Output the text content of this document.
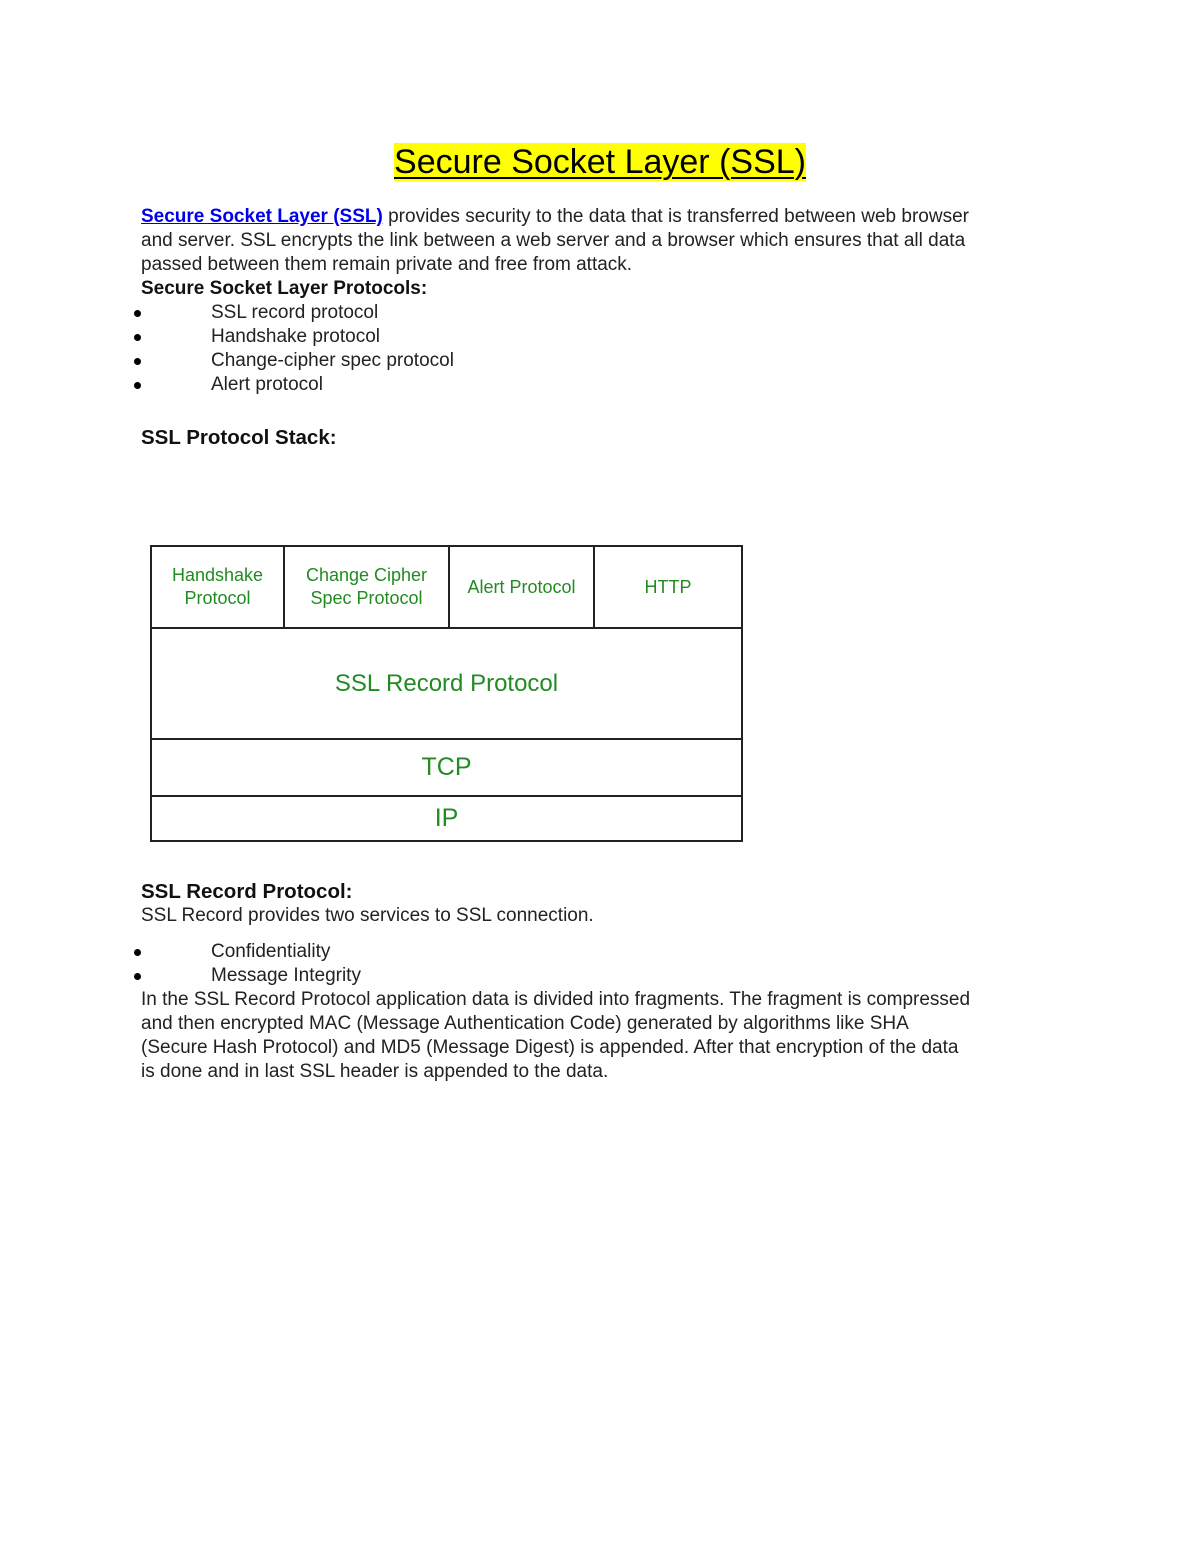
Secure Socket Layer (SSL)
Secure Socket Layer (SSL) provides security to the data that is transferred between web browser
and server. SSL encrypts the link between a web server and a browser which ensures that all data
passed between them remain private and free from attack.
Secure Socket Layer Protocols:
SSL record protocol
Handshake protocol
Change-cipher spec protocol
Alert protocol
SSL Protocol Stack:
Handshake
Protocol
Change Cipher
Spec Protocol
Alert Protocol	HTTP
SSL Record Protocol
TCP
IP
SSL Record Protocol:
SSL Record provides two services to SSL connection.
Confidentiality
Message Integrity
In the SSL Record Protocol application data is divided into fragments. The fragment is compressed
and then encrypted MAC (Message Authentication Code) generated by algorithms like SHA
(Secure Hash Protocol) and MD5 (Message Digest) is appended. After that encryption of the data
is done and in last SSL header is appended to the data.
